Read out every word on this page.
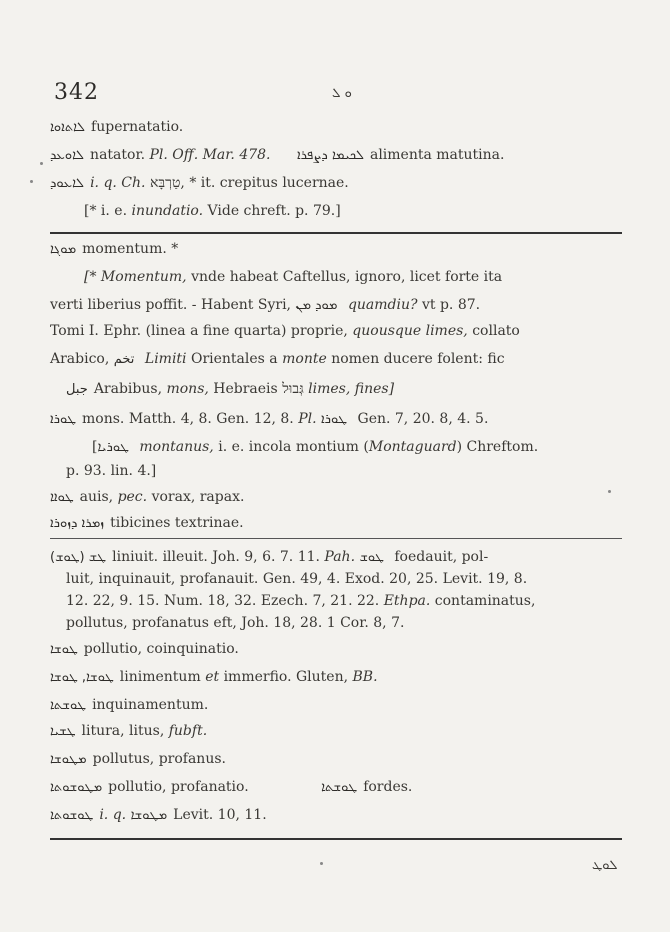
342	ܘ ܠ
ܠܐܬܐܘܐ fupernatatio.
ܠܐܘܥܕ natator. Pl. Off. Mar. 478. ܠܟܝܡܐ ܕܨܦܪܐ alimenta matutina.
ܠܐܥܘܕ i. q. Ch. טַרְבָּא, * it. crepitus lucernae.
[* i. e. inundatio. Vide chreft. p. 79.]
ܡܘܓܐ momentum. *
[* Momentum, vnde habeat Caftellus, ignoro, licet forte ita
verti liberius poffit. - Habent Syri, ܡܘܕ ܡܢ quamdiu? vt p. 87.
Tomi I. Ephr. (linea a fine quarta) proprie, quousque limes, collato
Arabico, تخم Limiti Orientales a monte nomen ducere folent: fic
جبل Arabibus, mons, Hebraeis גְּבוּל limes, fines]
ܛܘܪܐ mons. Matth. 4, 8. Gen. 12, 8. Pl. ܛܘܪܐ Gen. 7, 20. 8, 4. 5.
[ܛܘܪܝܐ montanus, i. e. incola montium (Montaguard) Chreftom.
p. 93. lin. 4.]
ܛܘܐܐ auis, pec. vorax, rapax.
ܙܡܪܐ ܕܙܘܪܐ tibicines textrinae.
(ܛܘܫ) ܛܫ liniuit. illeuit. Joh. 9, 6. 7. 11. Pah. ܛܘܫ foedauit, pol-
luit, inquinauit, profanauit. Gen. 49, 4. Exod. 20, 25. Levit. 19, 8.
12. 22, 9. 15. Num. 18, 32. Ezech. 7, 21. 22. Ethpa. contaminatus,
pollutus, profanatus eft, Joh. 18, 28. 1 Cor. 8, 7.
ܛܘܫܐ pollutio, coinquinatio.
ܛܘܫܐ, ܛܘܫܐ linimentum et immerfio. Gluten, BB.
ܛܘܫܬܐ inquinamentum.
ܛܫܝܐ litura, litus, fubft.
ܡܛܘܫܐ pollutus, profanus.
ܡܛܘܫܘܬܐ pollutio, profanatio.	ܛܘܫܬܐ fordes.
ܛܘܫܘܬܐ i. q. ܡܛܘܫܐ Levit. 10, 11.
ܠܘܛ
